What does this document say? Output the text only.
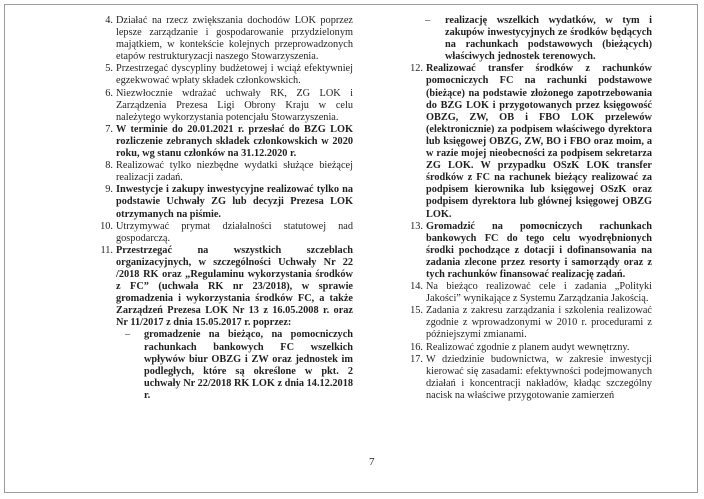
4. Działać na rzecz zwiększania dochodów LOK poprzez lepsze zarządzanie i gospodarowanie przydzielonym majątkiem, w kontekście kolejnych przeprowadzonych etapów restrukturyzacji naszego Stowarzyszenia.
5. Przestrzegać dyscypliny budżetowej i wciąż efektywniej egzekwować wpłaty składek członkowskich.
6. Niezwłocznie wdrażać uchwały RK, ZG LOK i Zarządzenia Prezesa Ligi Obrony Kraju w celu należytego wykorzystania potencjału Stowarzyszenia.
7. W terminie do 20.01.2021 r. przesłać do BZG LOK rozliczenie zebranych składek członkowskich w 2020 roku, wg stanu członków na 31.12.2020 r.
8. Realizować tylko niezbędne wydatki służące bieżącej realizacji zadań.
9. Inwestycje i zakupy inwestycyjne realizować tylko na podstawie Uchwały ZG lub decyzji Prezesa LOK otrzymanych na piśmie.
10. Utrzymywać prymat działalności statutowej nad gospodarczą.
11. Przestrzegać na wszystkich szczeblach organizacyjnych, w szczególności Uchwały Nr 22 /2018 RK oraz „Regulaminu wykorzystania środków z FC” (uchwała RK nr 23/2018), w sprawie gromadzenia i wykorzystania środków FC, a także Zarządzeń Prezesa LOK Nr 13 z 16.05.2008 r. oraz Nr 11/2017 z dnia 15.05.2017 r. poprzez:
– gromadzenie na bieżąco, na pomocniczych rachunkach bankowych FC wszelkich wpływów biur OBZG i ZW oraz jednostek im podległych, które są określone w pkt. 2 uchwały Nr 22/2018 RK LOK z dnia 14.12.2018 r.
– realizację wszelkich wydatków, w tym i zakupów inwestycyjnych ze środków będących na rachunkach podstawowych (bieżących) właściwych jednostek terenowych.
12. Realizować transfer środków z rachunków pomocniczych FC na rachunki podstawowe (bieżące) na podstawie złożonego zapotrzebowania do BZG LOK i przygotowanych przez księgowość OBZG, ZW, OB i FBO LOK przelewów (elektronicznie) za podpisem właściwego dyrektora lub księgowej OBZG, ZW, BO i FBO oraz moim, a w razie mojej nieobecności za podpisem sekretarza ZG LOK. W przypadku OSzK LOK transfer środków z FC na rachunek bieżący realizować za podpisem kierownika lub księgowej OSzK oraz podpisem dyrektora lub głównej księgowej OBZG LOK.
13. Gromadzić na pomocniczych rachunkach bankowych FC do tego celu wyodrębnionych środki pochodzące z dotacji i dofinansowania na zadania zlecone przez resorty i samorządy oraz z tych rachunków finansować realizację zadań.
14. Na bieżąco realizować cele i zadania „Polityki Jakości” wynikające z Systemu Zarządzania Jakością.
15. Zadania z zakresu zarządzania i szkolenia realizować zgodnie z wprowadzonymi w 2010 r. procedurami z późniejszymi zmianami.
16. Realizować zgodnie z planem audyt wewnętrzny.
17. W dziedzinie budownictwa, w zakresie inwestycji kierować się zasadami: efektywności podejmowanych działań i koncentracji nakładów, kładąc szczególny nacisk na właściwe przygotowanie zamierzeń
7
